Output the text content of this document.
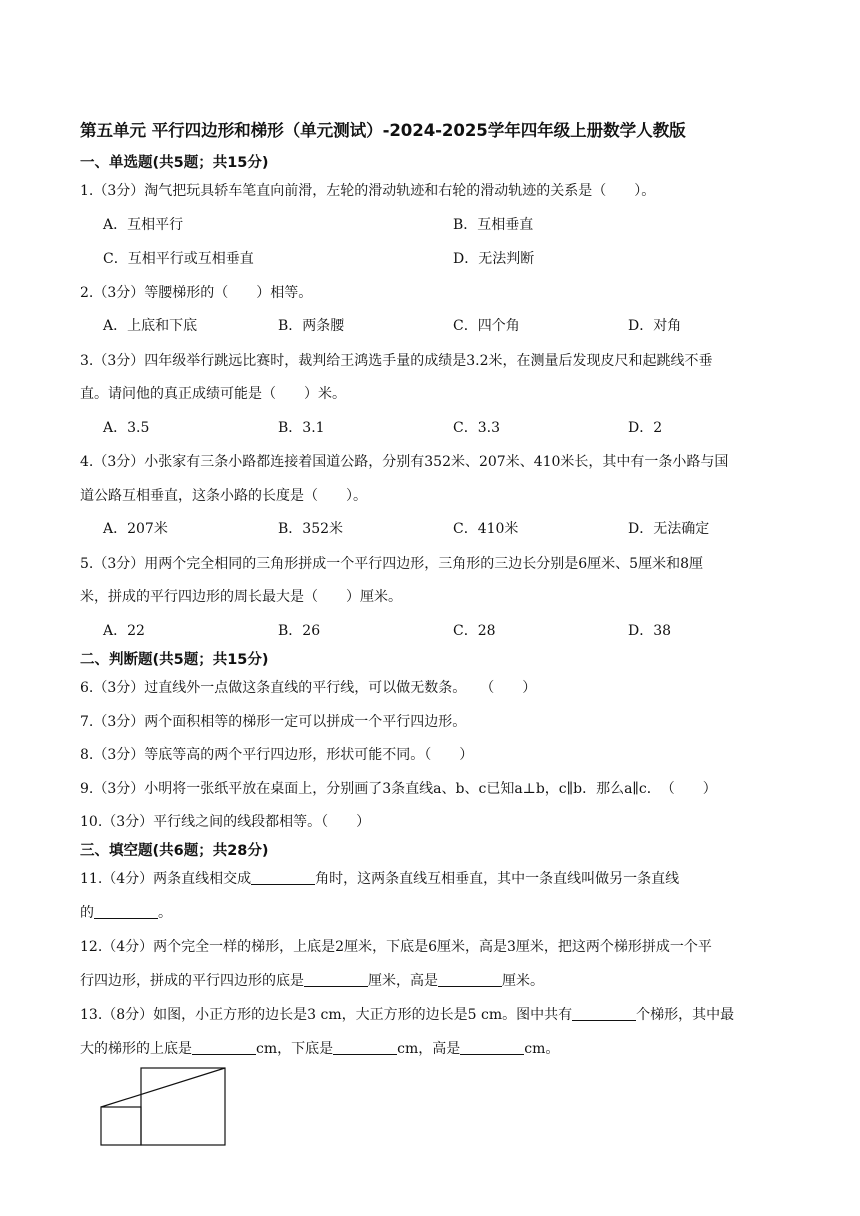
第五单元 平行四边形和梯形（单元测试）-2024-2025学年四年级上册数学人教版
一、单选题(共5题；共15分)
1.（3分）淘气把玩具轿车笔直向前滑，左轮的滑动轨迹和右轮的滑动轨迹的关系是（　　）。
A．互相平行	B．互相垂直
C．互相平行或互相垂直	D．无法判断
2.（3分）等腰梯形的（　　）相等。
A．上底和下底	B．两条腰	C．四个角	D．对角
3.（3分）四年级举行跳远比赛时，裁判给王鸿选手量的成绩是3.2米，在测量后发现皮尺和起跳线不垂
直。请问他的真正成绩可能是（　　）米。
A．3.5	B．3.1	C．3.3	D．2
4.（3分）小张家有三条小路都连接着国道公路，分别有352米、207米、410米长，其中有一条小路与国
道公路互相垂直，这条小路的长度是（　　）。
A．207米	B．352米	C．410米	D．无法确定
5.（3分）用两个完全相同的三角形拼成一个平行四边形，三角形的三边长分别是6厘米、5厘米和8厘
米，拼成的平行四边形的周长最大是（　　）厘米。
A．22	B．26	C．28	D．38
二、判断题(共5题；共15分)
6.（3分）过直线外一点做这条直线的平行线，可以做无数条。　　（　　）
7.（3分）两个面积相等的梯形一定可以拼成一个平行四边形。
8.（3分）等底等高的两个平行四边形，形状可能不同。（　　）
9.（3分）小明将一张纸平放在桌面上，分别画了3条直线a、b、c已知a⊥b，c∥b．那么a∥c．　（　　）
10.（3分）平行线之间的线段都相等。（　　）
三、填空题(共6题；共28分)
11.（4分）两条直线相交成	角时，这两条直线互相垂直，其中一条直线叫做另一条直线
的	。
12.（4分）两个完全一样的梯形，上底是2厘米，下底是6厘米，高是3厘米，把这两个梯形拼成一个平
行四边形，拼成的平行四边形的底是	厘米，高是	厘米。
13.（8分）如图，小正方形的边长是3 cm，大正方形的边长是5 cm。图中共有	个梯形，其中最
大的梯形的上底是	cm，下底是	cm，高是	cm。
